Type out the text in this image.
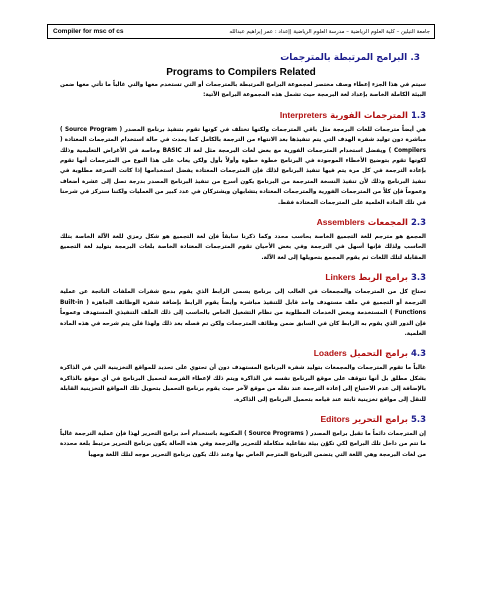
Compiler for msc of cs	جامعة النيلين – كلية العلوم الرياضية – مدرسة العلوم الرياضية |إعداد : عمر إبراهيم عبدالله
3. البرامج المرتبطة بالمترجمات
Programs to Compilers Related
سيتم في هذا الجزء إعطاء وصف مختصر لمجموعة البرامج المرتبطة بالمترجمات أو التي تستخدم معها والتي غالباً ما تأتي معها ضمن البيئة الكاملة الخاصة بإعداد لغة البرمجة حيث تشمل هذه المجموعة البرامج الآتية:
1.3 المترجمات الفورية Interpreters
هي أيضاً مترجمات للغات البرمجة مثل باقي المترجمات ولكنها تختلف في كونها تقوم بتنفيذ برنامج المصدر ( Source Program ) مباشرة دون توليد شفرة الهدف التي يتم تنفيذها بعد الانتهاء من الترجمة بالكامل كما يحدث في حالة استخدام المترجمات المعتادة ( Compilers ) ويفضل استخدام المترجمات الفورية مع بعض لغات البرمجة مثل لغة الـ BASIC وخاصة في الأغراض التعليمية وذلك لكونها تقوم بتوضيح الأخطاء الموجودة في البرنامج خطوة خطوة وأولاً بأول ولكن يعاب على هذا النوع من المترجمات أنها تقوم بإعادة الترجمة في كل مرة يتم فيها تنفيذ البرنامج لذلك فإن المترجمات المعتادة يفضل استخدامها إذا كانت السرعة مطلوبة في تنفيذ البرنامج وذلك لأن تنفيذ النسخة المترجمة من البرنامج يكون أسرع من تنفيذ البرنامج المصدر بدرجة تصل إلى عشرة أضعاف وعموماً فإن كلاً من المترجمات الفورية والمترجمات المعتادة يتشابهان ويشتركان في عدد كبير من العمليات ولكننا سنركز في شرحنا في تلك المادة العلمية على المترجمات المعتادة فقط.
2.3 المجمعات Assemblers
المجمع هو مترجم للغة التجميع الخاصة بحاسب محدد وكما ذكرنا سابقاً فإن لغة التجميع هو شكل رمزي للغة الآلة الخاصة بتلك الحاسب ولذلك فإنها أسهل في الترجمة وفي بعض الأحيان تقوم المترجمات المعتادة الخاصة بلغات البرمجة بتوليد لغة التجميع المقابلة لتلك اللغات ثم يقوم المجمع بتحويلها إلى لغة الآلة.
3.3 برامج الربط Linkers
تحتاج كل من المترجمات والمجمعات في الغالب إلى برنامج يسمى الرابط الذي يقوم بدمج شفرات الملفات الناتجة عن عملية الترجمة أو التجميع في ملف مستهدف واحد قابل للتنفيذ مباشرة وأيضاً يقوم الرابط بإضافة شفرة الوظائف الجاهزة ( Built-in Functions ) المستخدمة وبعض الخدمات المطلوبة من نظام التشغيل الخاص بالحاسب إلى ذلك الملف التنفيذي المستهدف وعموماً فإن الدور الذي يقوم به الرابط كان في السابق ضمن وظائف المترجمات ولكن تم فصله بعد ذلك ولهذا فلن يتم شرحه في هذه المادة العلمية.
4.3 برامج التحميل Loaders
غالباً ما تقوم المترجمات والمجمعات بتوليد شفرة البرنامج المستهدف دون أن تحتوي على تحديد للمواقع التخزينية التي في الذاكرة بشكل مطلق بل أنها تتوقف على موقع البرنامج نفسه في الذاكرة ويتم ذلك لإعطاء الفرصة لتحميل البرنامج في أي موقع بالذاكرة بالإضافة إلى عدم الاحتياج إلى إعادة الترجمة عند نقله من موقع لآخر حيث يقوم برنامج التحميل بتحويل تلك المواقع التخزينية القابلة للنقل إلى مواقع تخزينية ثابتة عند قيامه بتحميل البرنامج إلى الذاكرة.
5.3 برامج التحرير Editors
إن المترجمات دائماً ما تقبل برامج المصدر ( Source Programs ) المكتوبة باستخدام أحد برامج التحرير لهذا فإن عملية الترجمة غالباً ما تتم من داخل تلك البرامج لكي تكوّن بيئة تفاعلية متكاملة للتحرير والترجمة وفي هذه الحالة يكون برنامج التحرير مرتبط بلغة محددة من لغات البرمجة وهي اللغة التي يتضمن البرنامج المترجم الخاص بها وعند ذلك يكون برنامج التحرير موجه لتلك اللغة ومهيأ
